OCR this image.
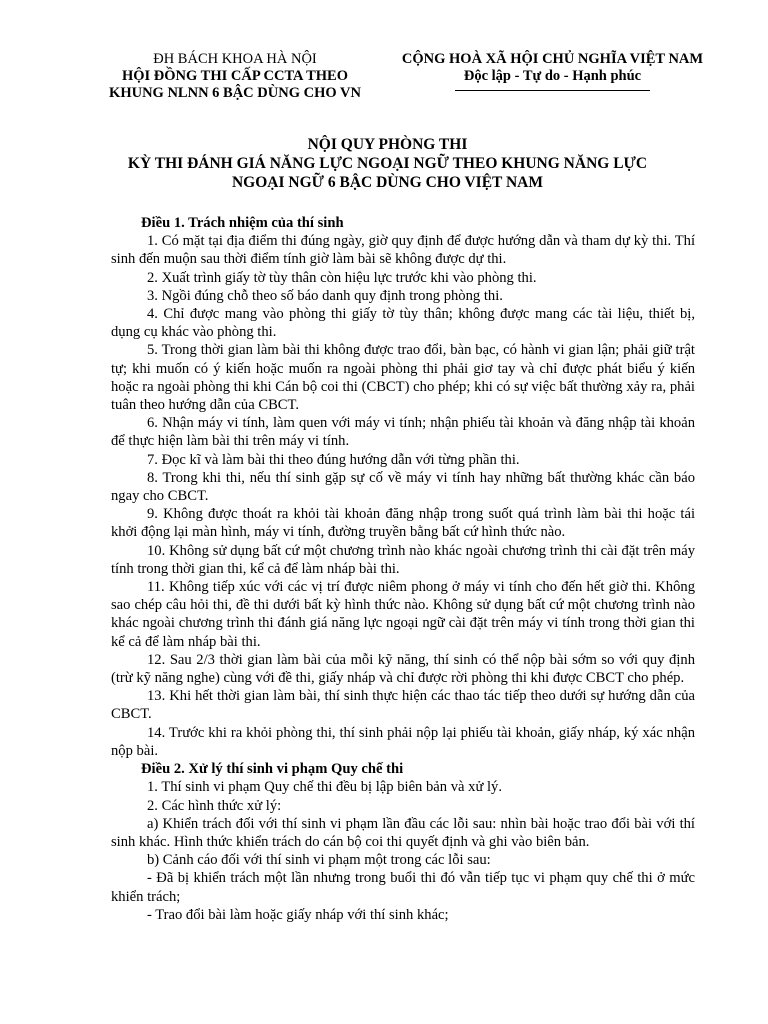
ĐH BÁCH KHOA HÀ NỘI
HỘI ĐỒNG THI CẤP CCTA THEO
KHUNG NLNN 6 BẬC DÙNG CHO VN
CỘNG HOÀ XÃ HỘI CHỦ NGHĨA VIỆT NAM
Độc lập - Tự do - Hạnh phúc
NỘI QUY PHÒNG THI
KỲ THI ĐÁNH GIÁ NĂNG LỰC NGOẠI NGỮ THEO KHUNG NĂNG LỰC
NGOẠI NGỮ 6 BẬC DÙNG CHO VIỆT NAM

Điều 1. Trách nhiệm của thí sinh

1. Có mặt tại địa điểm thi đúng ngày, giờ quy định để được hướng dẫn và tham dự kỳ thi. Thí sinh đến muộn sau thời điểm tính giờ làm bài sẽ không được dự thi.

2. Xuất trình giấy tờ tùy thân còn hiệu lực trước khi vào phòng thi.

3. Ngồi đúng chỗ theo số báo danh quy định trong phòng thi.

4. Chỉ được mang vào phòng thi giấy tờ tùy thân; không được mang các tài liệu, thiết bị, dụng cụ khác vào phòng thi.

5. Trong thời gian làm bài thi không được trao đổi, bàn bạc, có hành vi gian lận; phải giữ trật tự; khi muốn có ý kiến hoặc muốn ra ngoài phòng thi phải giơ tay và chỉ được phát biểu ý kiến hoặc ra ngoài phòng thi khi Cán bộ coi thi (CBCT) cho phép; khi có sự việc bất thường xảy ra, phải tuân theo hướng dẫn của CBCT.

6. Nhận máy vi tính, làm quen với máy vi tính; nhận phiếu tài khoản và đăng nhập tài khoản để thực hiện làm bài thi trên máy vi tính.

7. Đọc kĩ và làm bài thi theo đúng hướng dẫn với từng phần thi.

8. Trong khi thi, nếu thí sinh gặp sự cố về máy vi tính hay những bất thường khác cần báo ngay cho CBCT.

9. Không được thoát ra khỏi tài khoản đăng nhập trong suốt quá trình làm bài thi hoặc tái khởi động lại màn hình, máy vi tính, đường truyền bằng bất cứ hình thức nào.

10. Không sử dụng bất cứ một chương trình nào khác ngoài chương trình thi cài đặt trên máy tính trong thời gian thi, kể cả để làm nháp bài thi.

11. Không tiếp xúc với các vị trí được niêm phong ở máy vi tính cho đến hết giờ thi. Không sao chép câu hỏi thi, đề thi dưới bất kỳ hình thức nào. Không sử dụng bất cứ một chương trình nào khác ngoài chương trình thi đánh giá năng lực ngoại ngữ cài đặt trên máy vi tính trong thời gian thi kể cả để làm nháp bài thi.

12. Sau 2/3 thời gian làm bài của mỗi kỹ năng, thí sinh có thể nộp bài sớm so với quy định (trừ kỹ năng nghe) cùng với đề thi, giấy nháp và chỉ được rời phòng thi khi được CBCT cho phép.

13. Khi hết thời gian làm bài, thí sinh thực hiện các thao tác tiếp theo dưới sự hướng dẫn của CBCT.

14. Trước khi ra khỏi phòng thi, thí sinh phải nộp lại phiếu tài khoản, giấy nháp, ký xác nhận nộp bài.

Điều 2. Xử lý thí sinh vi phạm Quy chế thi

1. Thí sinh vi phạm Quy chế thi đều bị lập biên bản và xử lý.

2. Các hình thức xử lý:

a) Khiển trách đối với thí sinh vi phạm lần đầu các lỗi sau: nhìn bài hoặc trao đổi bài với thí sinh khác. Hình thức khiển trách do cán bộ coi thi quyết định và ghi vào biên bản.

b) Cảnh cáo đối với thí sinh vi phạm một trong các lỗi sau:

- Đã bị khiển trách một lần nhưng trong buổi thi đó vẫn tiếp tục vi phạm quy chế thi ở mức khiển trách;

- Trao đổi bài làm hoặc giấy nháp với thí sinh khác;
